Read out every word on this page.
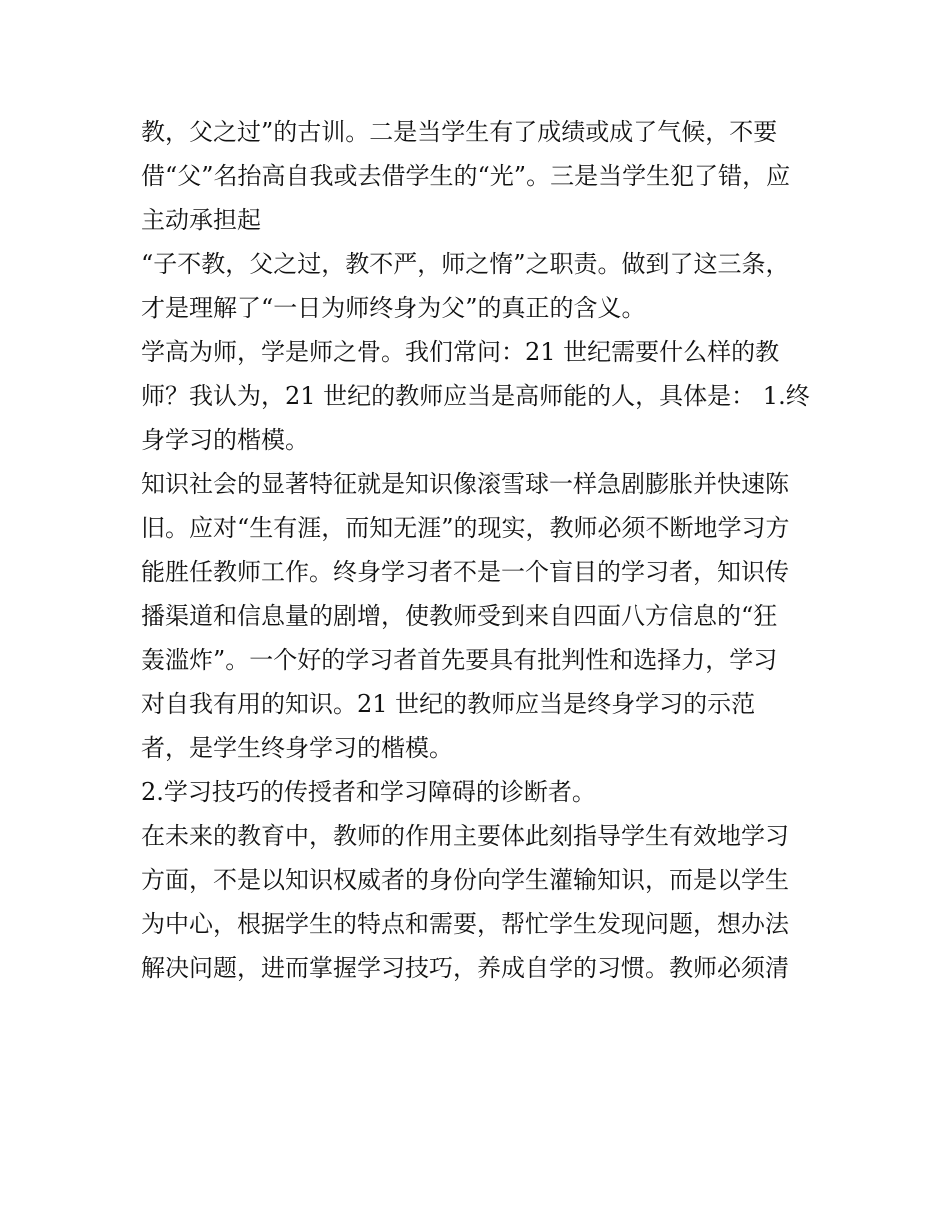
教，父之过”的古训。二是当学生有了成绩或成了气候，不要
借“父”名抬高自我或去借学生的“光”。三是当学生犯了错，应
主动承担起
“子不教，父之过，教不严，师之惰”之职责。做到了这三条，
才是理解了“一日为师终身为父”的真正的含义。
学高为师，学是师之骨。我们常问：21 世纪需要什么样的教
师？我认为，21 世纪的教师应当是高师能的人，具体是： 1.终
身学习的楷模。
知识社会的显著特征就是知识像滚雪球一样急剧膨胀并快速陈
旧。应对“生有涯，而知无涯”的现实，教师必须不断地学习方
能胜任教师工作。终身学习者不是一个盲目的学习者，知识传
播渠道和信息量的剧增，使教师受到来自四面八方信息的“狂
轰滥炸”。一个好的学习者首先要具有批判性和选择力，学习
对自我有用的知识。21 世纪的教师应当是终身学习的示范
者，是学生终身学习的楷模。
2.学习技巧的传授者和学习障碍的诊断者。
在未来的教育中，教师的作用主要体此刻指导学生有效地学习
方面，不是以知识权威者的身份向学生灌输知识，而是以学生
为中心，根据学生的特点和需要，帮忙学生发现问题，想办法
解决问题，进而掌握学习技巧，养成自学的习惯。教师必须清
